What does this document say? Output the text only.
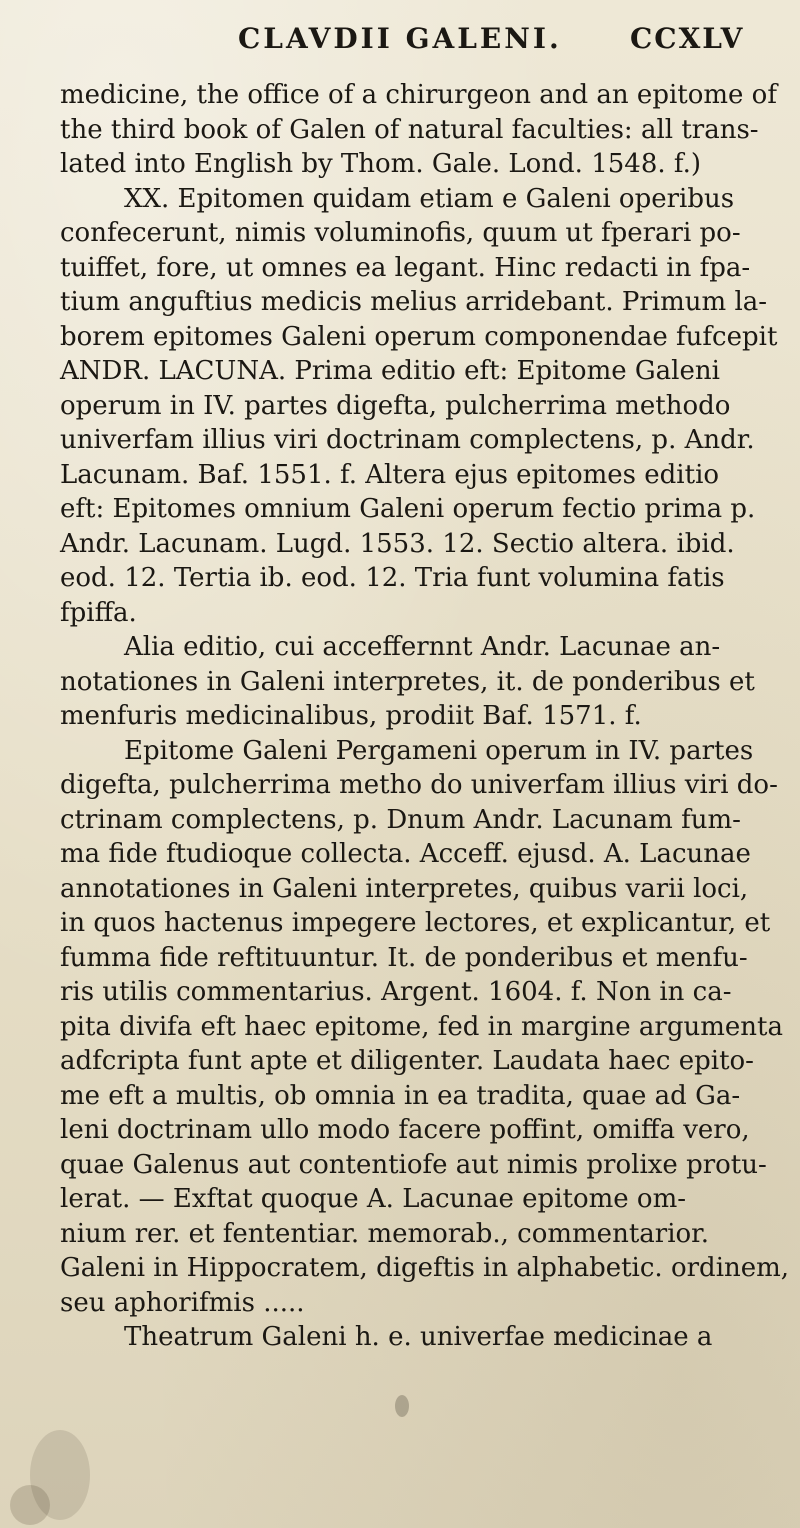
CLAVDII GALENI. CCXLV
medicine, the office of a chirurgeon and an epitome of
the third book of Galen of natural faculties: all trans-
lated into English by Thom. Gale. Lond. 1548. f.)
XX. Epitomen quidam etiam e Galeni operibus
confecerunt, nimis voluminofis, quum ut fperari po-
tuiffet, fore, ut omnes ea legant. Hinc redacti in fpa-
tium anguftius medicis melius arridebant. Primum la-
borem epitomes Galeni operum componendae fufcepit
ANDR. LACUNA. Prima editio eft: Epitome Galeni
operum in IV. partes digefta, pulcherrima methodo
univerfam illius viri doctrinam complectens, p. Andr.
Lacunam. Baf. 1551. f. Altera ejus epitomes editio
eft: Epitomes omnium Galeni operum fectio prima p.
Andr. Lacunam. Lugd. 1553. 12. Sectio altera. ibid.
eod. 12. Tertia ib. eod. 12. Tria funt volumina fatis
fpiffa.
Alia editio, cui acceffernnt Andr. Lacunae an-
notationes in Galeni interpretes, it. de ponderibus et
menfuris medicinalibus, prodiit Baf. 1571. f.
Epitome Galeni Pergameni operum in IV. partes
digefta, pulcherrima metho do univerfam illius viri do-
ctrinam complectens, p. Dnum Andr. Lacunam fum-
ma fide ftudioque collecta. Acceff. ejusd. A. Lacunae
annotationes in Galeni interpretes, quibus varii loci,
in quos hactenus impegere lectores, et explicantur, et
fumma fide reftituuntur. It. de ponderibus et menfu-
ris utilis commentarius. Argent. 1604. f. Non in ca-
pita divifa eft haec epitome, fed in margine argumenta
adfcripta funt apte et diligenter. Laudata haec epito-
me eft a multis, ob omnia in ea tradita, quae ad Ga-
leni doctrinam ullo modo facere poffint, omiffa vero,
quae Galenus aut contentiofe aut nimis prolixe protu-
lerat. — Exftat quoque A. Lacunae epitome om-
nium rer. et fententiar. memorab., commentarior.
Galeni in Hippocratem, digeftis in alphabetic. ordinem,
seu aphorifmis .....
Theatrum Galeni h. e. univerfae medicinae a
